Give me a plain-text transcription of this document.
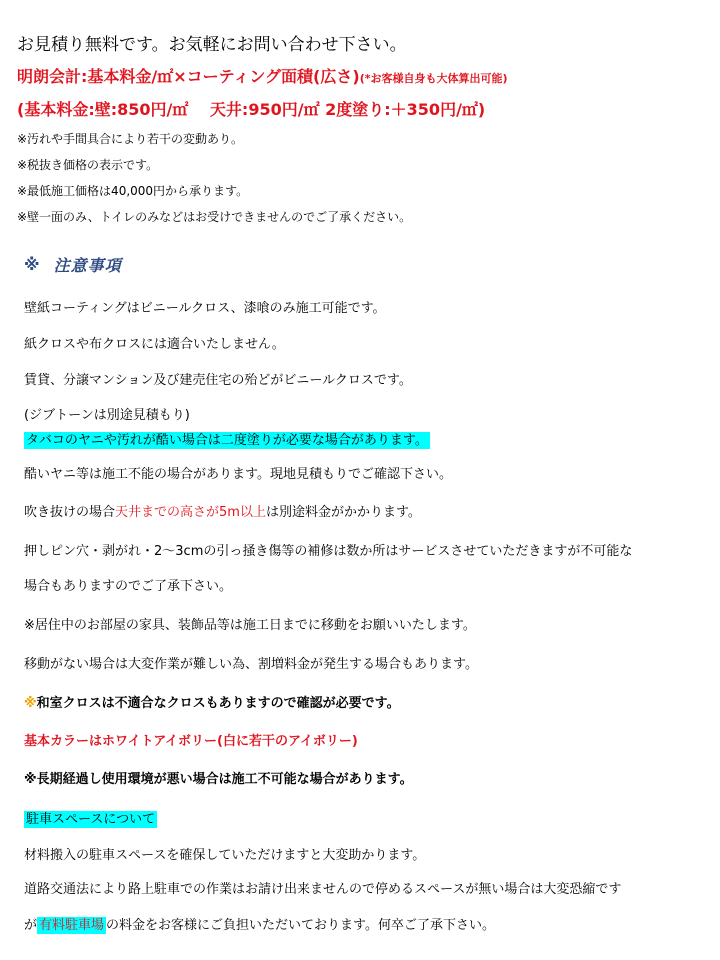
お見積り無料です。お気軽にお問い合わせ下さい。
明朗会計:基本料金/㎡×コーティング面積(広さ)(*お客様自身も大体算出可能)
(基本料金:壁:850円/㎡　 天井:950円/㎡ 2度塗り:＋350円/㎡)
※汚れや手間具合により若干の変動あり。
※税抜き価格の表示です。
※最低施工価格は40,000円から承ります。
※壁一面のみ、トイレのみなどはお受けできませんのでご了承ください。
※ 注意事項
壁紙コーティングはビニールクロス、漆喰のみ施工可能です。
紙クロスや布クロスには適合いたしません。
賃貸、分譲マンション及び建売住宅の殆どがビニールクロスです。
(ジブトーンは別途見積もり)
タバコのヤニや汚れが酷い場合は二度塗りが必要な場合があります。
酷いヤニ等は施工不能の場合があります。現地見積もりでご確認下さい。
吹き抜けの場合天井までの高さが5m以上は別途料金がかかります。
押しピン穴・剥がれ・2～3cmの引っ掻き傷等の補修は数か所はサービスさせていただきますが不可能な
場合もありますのでご了承下さい。
※居住中のお部屋の家具、装飾品等は施工日までに移動をお願いいたします。
移動がない場合は大変作業が難しい為、割増料金が発生する場合もあります。
※和室クロスは不適合なクロスもありますので確認が必要です。
基本カラーはホワイトアイボリー(白に若干のアイボリー)
※長期経過し使用環境が悪い場合は施工不可能な場合があります。
駐車スペースについて
材料搬入の駐車スペースを確保していただけますと大変助かります。
道路交通法により路上駐車での作業はお請け出来ませんので停めるスペースが無い場合は大変恐縮です
が 有料駐車場 の料金をお客様にご負担いただいております。何卒ご了承下さい。
